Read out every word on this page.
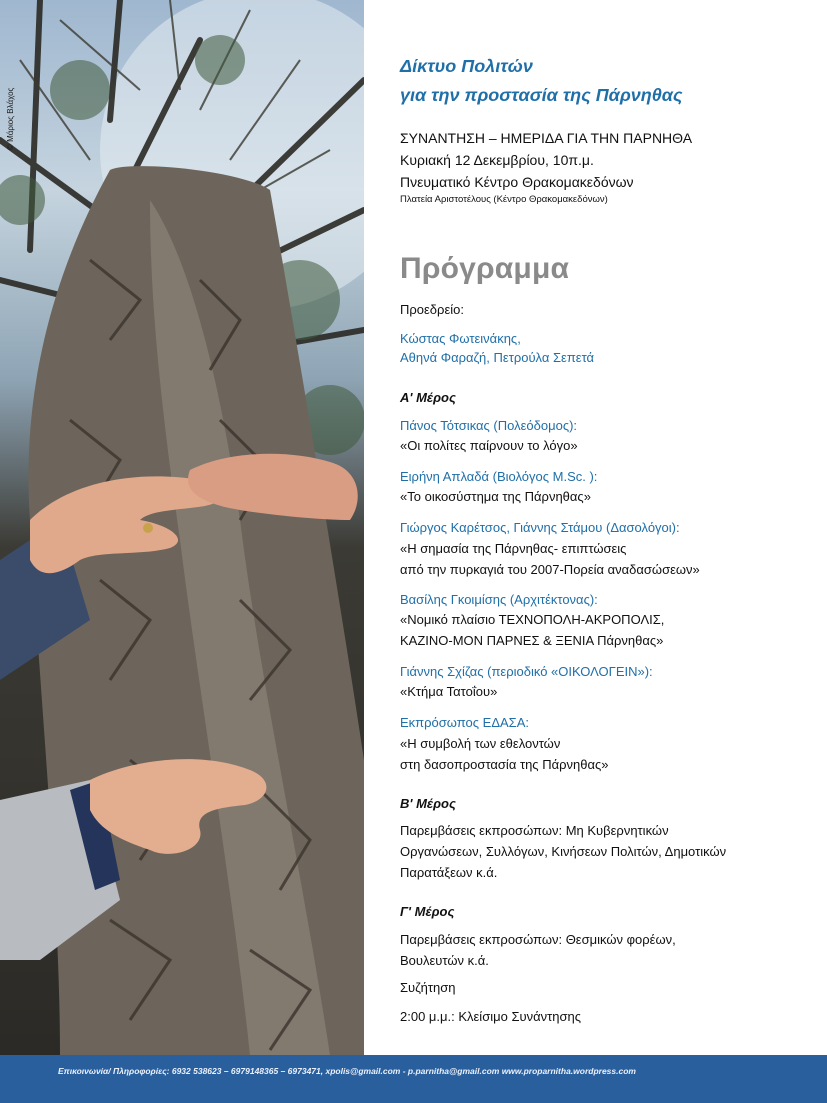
© Μάριος Βλάχος
Δίκτυο Πολιτών
για την προστασία της Πάρνηθας
ΣΥΝΑΝΤΗΣΗ – ΗΜΕΡΙΔΑ ΓΙΑ ΤΗΝ ΠΑΡΝΗΘΑ
Κυριακή 12 Δεκεμβρίου, 10π.μ.
Πνευματικό Κέντρο Θρακομακεδόνων
Πλατεία Αριστοτέλους (Κέντρο Θρακομακεδόνων)
Πρόγραμμα
Προεδρείο:
Κώστας Φωτεινάκης,
Αθηνά Φαραζή, Πετρούλα Σεπετά
Α' Μέρος
Πάνος Τότσικας (Πολεόδομος):
«Οι πολίτες παίρνουν το λόγο»
Ειρήνη Απλαδά (Βιολόγος M.Sc. ):
«Το οικοσύστημα της Πάρνηθας»
Γιώργος Καρέτσος, Γιάννης Στάμου (Δασολόγοι):
«Η σημασία της Πάρνηθας- επιπτώσεις
από την πυρκαγιά του 2007-Πορεία αναδασώσεων»
Βασίλης Γκοιμίσης (Αρχιτέκτονας):
«Νομικό πλαίσιο ΤΕΧΝΟΠΟΛΗ-ΑΚΡΟΠΟΛΙΣ,
ΚΑΖΙΝΟ-ΜΟΝ ΠΑΡΝΕΣ & ΞΕΝΙΑ Πάρνηθας»
Γιάννης Σχίζας (περιοδικό «ΟΙΚΟΛΟΓΕΙΝ»):
«Κτήμα Τατοΐου»
Εκπρόσωπος ΕΔΑΣΑ:
«Η συμβολή των εθελοντών
στη δασοπροστασία της Πάρνηθας»
Β' Μέρος
Παρεμβάσεις εκπροσώπων: Μη Κυβερνητικών
Οργανώσεων, Συλλόγων, Κινήσεων Πολιτών, Δημοτικών
Παρατάξεων κ.ά.
Γ' Μέρος
Παρεμβάσεις εκπροσώπων: Θεσμικών φορέων,
Βουλευτών κ.ά.
Συζήτηση
2:00 μ.μ.: Κλείσιμο Συνάντησης
Επικοινωνία/ Πληροφορίες: 6932 538623 – 6979148365 – 6973471, xpolis@gmail.com - p.parnitha@gmail.com www.proparnitha.wordpress.com
